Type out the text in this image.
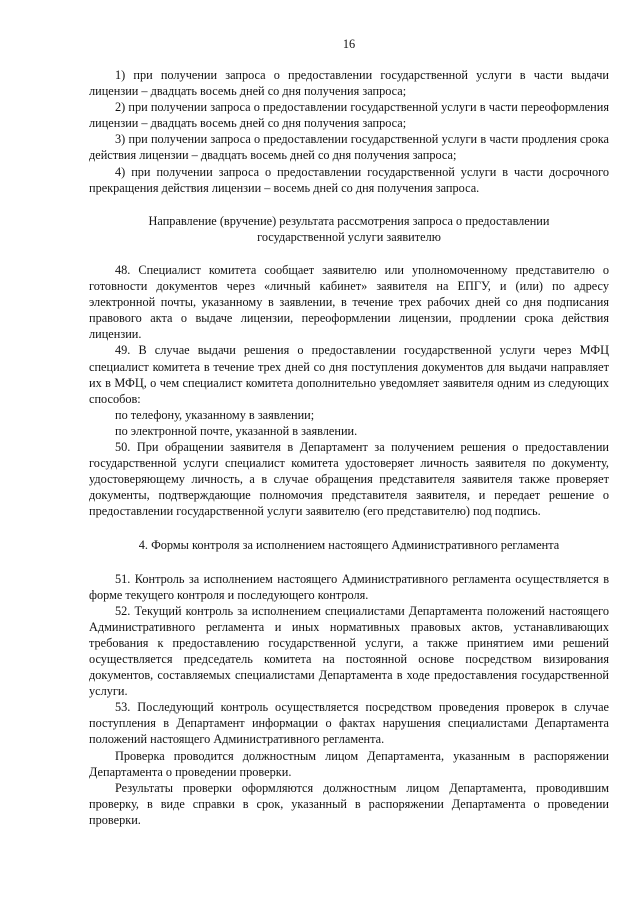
16

1) при получении запроса о предоставлении государственной услуги в части выдачи лицензии – двадцать восемь дней со дня получения запроса;

2) при получении запроса о предоставлении государственной услуги в части переоформления лицензии – двадцать восемь дней со дня получения запроса;

3) при получении запроса о предоставлении государственной услуги в части продления срока действия лицензии – двадцать восемь дней со дня получения запроса;

4) при получении запроса о предоставлении государственной услуги в части досрочного прекращения действия лицензии – восемь дней со дня получения запроса.

Направление (вручение) результата рассмотрения запроса о предоставлении государственной услуги заявителю

48. Специалист комитета сообщает заявителю или уполномоченному представителю о готовности документов через «личный кабинет» заявителя на ЕПГУ, и (или) по адресу электронной почты, указанному в заявлении, в течение трех рабочих дней со дня подписания правового акта о выдаче лицензии, переоформлении лицензии, продлении срока действия лицензии.

49. В случае выдачи решения о предоставлении государственной услуги через МФЦ специалист комитета в течение трех дней со дня поступления документов для выдачи направляет их в МФЦ, о чем специалист комитета дополнительно уведомляет заявителя одним из следующих способов:

по телефону, указанному в заявлении;

по электронной почте, указанной в заявлении.

50. При обращении заявителя в Департамент за получением решения о предоставлении государственной услуги специалист комитета удостоверяет личность заявителя по документу, удостоверяющему личность, а в случае обращения представителя заявителя также проверяет документы, подтверждающие полномочия представителя заявителя, и передает решение о предоставлении государственной услуги заявителю (его представителю) под подпись.

4. Формы контроля за исполнением настоящего Административного регламента

51. Контроль за исполнением настоящего Административного регламента осуществляется в форме текущего контроля и последующего контроля.

52. Текущий контроль за исполнением специалистами Департамента положений настоящего Административного регламента и иных нормативных правовых актов, устанавливающих требования к предоставлению государственной услуги, а также принятием ими решений осуществляется председатель комитета на постоянной основе посредством визирования документов, составляемых специалистами Департамента в ходе предоставления государственной услуги.

53. Последующий контроль осуществляется посредством проведения проверок в случае поступления в Департамент информации о фактах нарушения специалистами Департамента положений настоящего Административного регламента.

Проверка проводится должностным лицом Департамента, указанным в распоряжении Департамента о проведении проверки.

Результаты проверки оформляются должностным лицом Департамента, проводившим проверку, в виде справки в срок, указанный в распоряжении Департамента о проведении проверки.
